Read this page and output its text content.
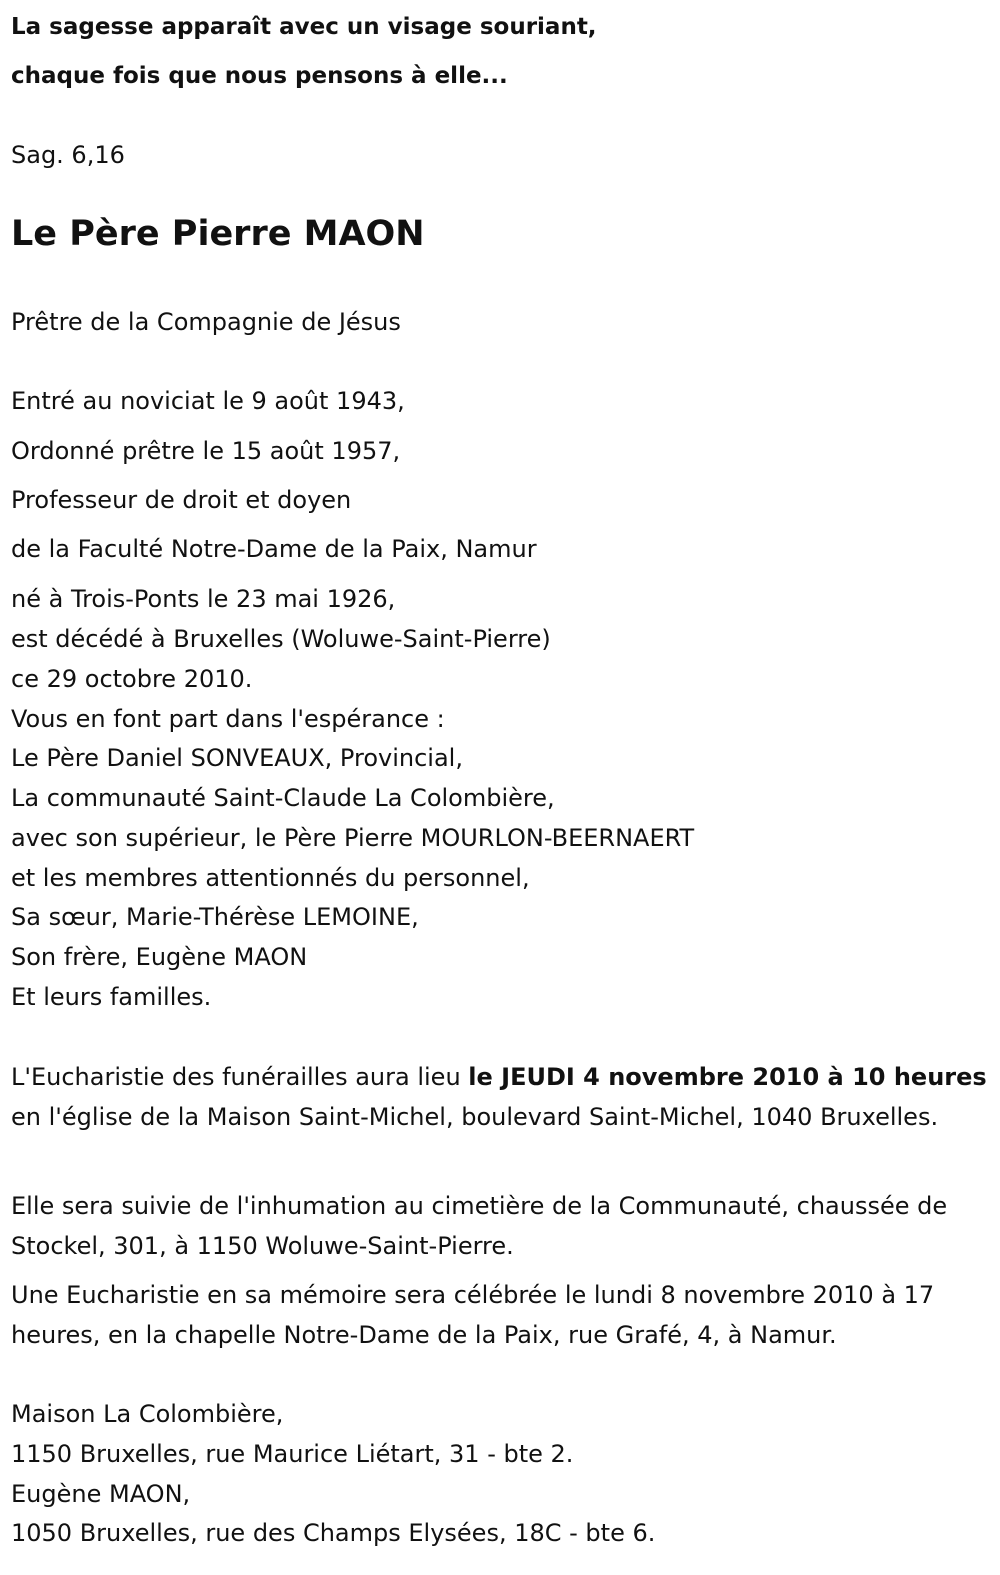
La sagesse apparaît avec un visage souriant,
chaque fois que nous pensons à elle...
Sag. 6,16
Le Père Pierre MAON
Prêtre de la Compagnie de Jésus
Entré au noviciat le 9 août 1943,
Ordonné prêtre le 15 août 1957,
Professeur de droit et doyen
de la Faculté Notre-Dame de la Paix, Namur
né à Trois-Ponts le 23 mai 1926,
est décédé à Bruxelles (Woluwe-Saint-Pierre)
ce 29 octobre 2010.
Vous en font part dans l'espérance :
Le Père Daniel SONVEAUX, Provincial,
La communauté Saint-Claude La Colombière,
avec son supérieur, le Père Pierre MOURLON-BEERNAERT
et les membres attentionnés du personnel,
Sa sœur, Marie-Thérèse LEMOINE,
Son frère, Eugène MAON
Et leurs familles.
L'Eucharistie des funérailles aura lieu le JEUDI 4 novembre 2010 à 10 heures en l'église de la Maison Saint-Michel, boulevard Saint-Michel, 1040 Bruxelles.
Elle sera suivie de l'inhumation au cimetière de la Communauté, chaussée de Stockel, 301, à 1150 Woluwe-Saint-Pierre.
Une Eucharistie en sa mémoire sera célébrée le lundi 8 novembre 2010 à 17 heures, en la chapelle Notre-Dame de la Paix, rue Grafé, 4, à Namur.
Maison La Colombière,
1150 Bruxelles, rue Maurice Liétart, 31 - bte 2.
Eugène MAON,
1050 Bruxelles, rue des Champs Elysées, 18C - bte 6.
